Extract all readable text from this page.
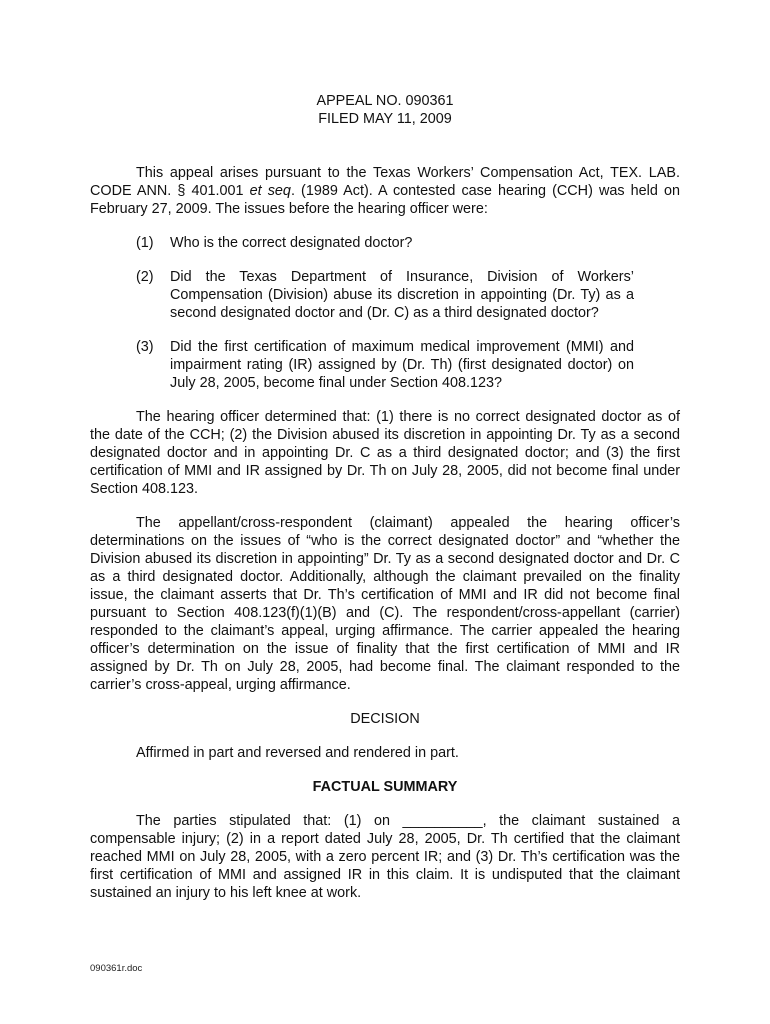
APPEAL NO. 090361
FILED MAY 11, 2009

This appeal arises pursuant to the Texas Workers’ Compensation Act, TEX. LAB. CODE ANN. § 401.001 et seq. (1989 Act). A contested case hearing (CCH) was held on February 27, 2009. The issues before the hearing officer were:

(1)	Who is the correct designated doctor?
(2)	Did the Texas Department of Insurance, Division of Workers’ Compensation (Division) abuse its discretion in appointing (Dr. Ty) as a second designated doctor and (Dr. C) as a third designated doctor?
(3)	Did the first certification of maximum medical improvement (MMI) and impairment rating (IR) assigned by (Dr. Th) (first designated doctor) on July 28, 2005, become final under Section 408.123?

The hearing officer determined that: (1) there is no correct designated doctor as of the date of the CCH; (2) the Division abused its discretion in appointing Dr. Ty as a second designated doctor and in appointing Dr. C as a third designated doctor; and (3) the first certification of MMI and IR assigned by Dr. Th on July 28, 2005, did not become final under Section 408.123.

The appellant/cross-respondent (claimant) appealed the hearing officer’s determinations on the issues of “who is the correct designated doctor” and “whether the Division abused its discretion in appointing” Dr. Ty as a second designated doctor and Dr. C as a third designated doctor. Additionally, although the claimant prevailed on the finality issue, the claimant asserts that Dr. Th’s certification of MMI and IR did not become final pursuant to Section 408.123(f)(1)(B) and (C). The respondent/cross-appellant (carrier) responded to the claimant’s appeal, urging affirmance. The carrier appealed the hearing officer’s determination on the issue of finality that the first certification of MMI and IR assigned by Dr. Th on July 28, 2005, had become final. The claimant responded to the carrier’s cross-appeal, urging affirmance.

DECISION

Affirmed in part and reversed and rendered in part.

FACTUAL SUMMARY

The parties stipulated that: (1) on __________, the claimant sustained a compensable injury; (2) in a report dated July 28, 2005, Dr. Th certified that the claimant reached MMI on July 28, 2005, with a zero percent IR; and (3) Dr. Th’s certification was the first certification of MMI and assigned IR in this claim. It is undisputed that the claimant sustained an injury to his left knee at work.

090361r.doc
